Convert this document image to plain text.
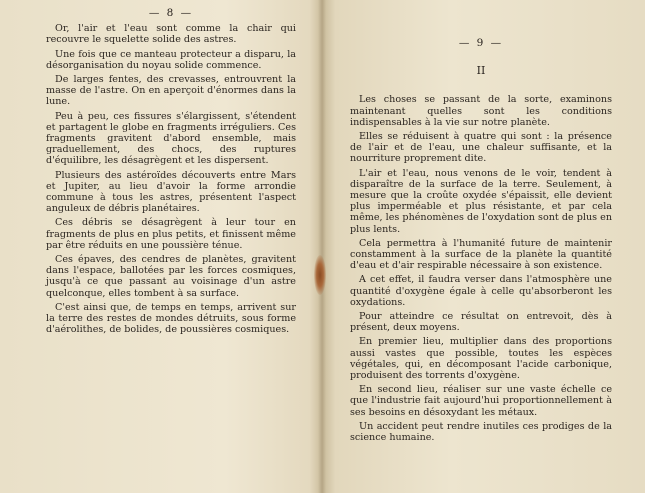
— 8 —

Or, l'air et l'eau sont comme la chair qui recouvre le squelette solide des astres.

Une fois que ce manteau protecteur a disparu, la désorganisation du noyau solide commence.

De larges fentes, des crevasses, entrouvrent la masse de l'astre. On en aperçoit d'énormes dans la lune.

Peu à peu, ces fissures s'élargissent, s'étendent et partagent le globe en fragments irréguliers. Ces fragments gravitent d'abord ensemble, mais graduellement, des chocs, des ruptures d'équilibre, les désagrègent et les dispersent.

Plusieurs des astéroïdes découverts entre Mars et Jupiter, au lieu d'avoir la forme arrondie commune à tous les astres, présentent l'aspect anguleux de débris planétaires.

Ces débris se désagrègent à leur tour en fragments de plus en plus petits, et finissent même par être réduits en une poussière ténue.

Ces épaves, des cendres de planètes, gravitent dans l'espace, ballotées par les forces cosmiques, jusqu'à ce que passant au voisinage d'un astre quelconque, elles tombent à sa surface.

C'est ainsi que, de temps en temps, arrivent sur la terre des restes de mondes détruits, sous forme d'aérolithes, de bolides, de poussières cosmiques.

— 9 —
II

Les choses se passant de la sorte, examinons maintenant quelles sont les conditions indispensables à la vie sur notre planète.

Elles se réduisent à quatre qui sont : la présence de l'air et de l'eau, une chaleur suffisante, et la nourriture proprement dite.

L'air et l'eau, nous venons de le voir, tendent à disparaître de la surface de la terre. Seulement, à mesure que la croûte oxydée s'épaissit, elle devient plus imperméable et plus résistante, et par cela même, les phénomènes de l'oxydation sont de plus en plus lents.

Cela permettra à l'humanité future de maintenir constamment à la surface de la planète la quantité d'eau et d'air respirable nécessaire à son existence.

A cet effet, il faudra verser dans l'atmosphère une quantité d'oxygène égale à celle qu'absorberont les oxydations.

Pour atteindre ce résultat on entrevoit, dès à présent, deux moyens.

En premier lieu, multiplier dans des proportions aussi vastes que possible, toutes les espèces végétales, qui, en décomposant l'acide carbonique, produisent des torrents d'oxygène.

En second lieu, réaliser sur une vaste échelle ce que l'industrie fait aujourd'hui proportionnellement à ses besoins en désoxydant les métaux.

Un accident peut rendre inutiles ces prodiges de la science humaine.
